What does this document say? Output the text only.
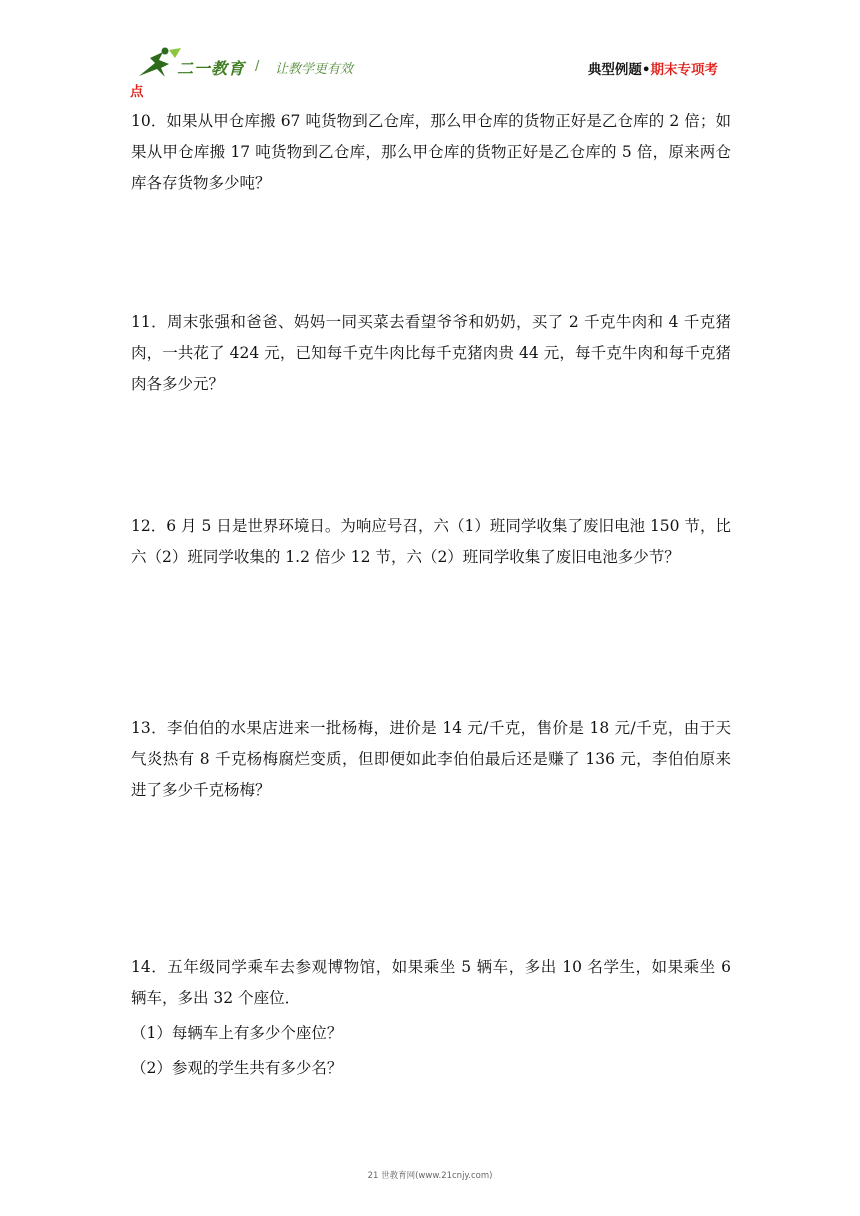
二一教育 / 让教学更有效	典型例题•期末专项考
点

10．如果从甲仓库搬 67 吨货物到乙仓库，那么甲仓库的货物正好是乙仓库的 2 倍；如果从甲仓库搬 17 吨货物到乙仓库，那么甲仓库的货物正好是乙仓库的 5 倍，原来两仓库各存货物多少吨？

11．周末张强和爸爸、妈妈一同买菜去看望爷爷和奶奶，买了 2 千克牛肉和 4 千克猪肉，一共花了 424 元，已知每千克牛肉比每千克猪肉贵 44 元，每千克牛肉和每千克猪肉各多少元？

12．6 月 5 日是世界环境日。为响应号召，六（1）班同学收集了废旧电池 150 节，比六（2）班同学收集的 1.2 倍少 12 节，六（2）班同学收集了废旧电池多少节？

13．李伯伯的水果店进来一批杨梅，进价是 14 元/千克，售价是 18 元/千克，由于天气炎热有 8 千克杨梅腐烂变质，但即便如此李伯伯最后还是赚了 136 元，李伯伯原来进了多少千克杨梅？

14．五年级同学乘车去参观博物馆，如果乘坐 5 辆车，多出 10 名学生，如果乘坐 6 辆车，多出 32 个座位．

（1）每辆车上有多少个座位？

（2）参观的学生共有多少名？

21 世教育网(www.21cnjy.com)
